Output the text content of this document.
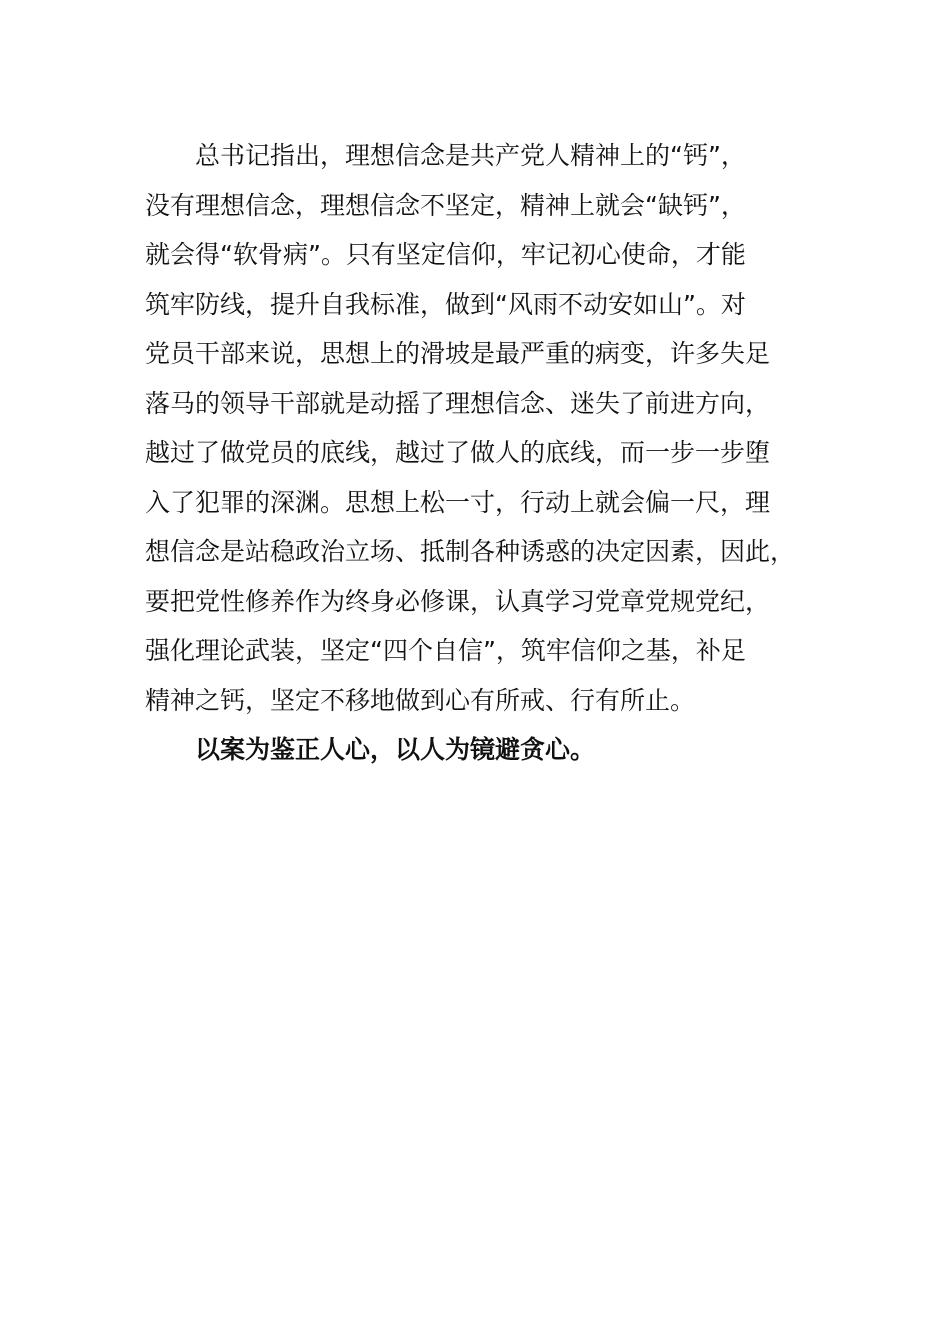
总书记指出，理想信念是共产党人精神上的“钙”，
没有理想信念，理想信念不坚定，精神上就会“缺钙”，
就会得“软骨病”。只有坚定信仰，牢记初心使命，才能
筑牢防线，提升自我标准，做到“风雨不动安如山”。对
党员干部来说，思想上的滑坡是最严重的病变，许多失足
落马的领导干部就是动摇了理想信念、迷失了前进方向，
越过了做党员的底线，越过了做人的底线，而一步一步堕
入了犯罪的深渊。思想上松一寸，行动上就会偏一尺，理
想信念是站稳政治立场、抵制各种诱惑的决定因素，因此，
要把党性修养作为终身必修课，认真学习党章党规党纪，
强化理论武装，坚定“四个自信”，筑牢信仰之基，补足
精神之钙，坚定不移地做到心有所戒、行有所止。
以案为鉴正人心，以人为镜避贪心。
